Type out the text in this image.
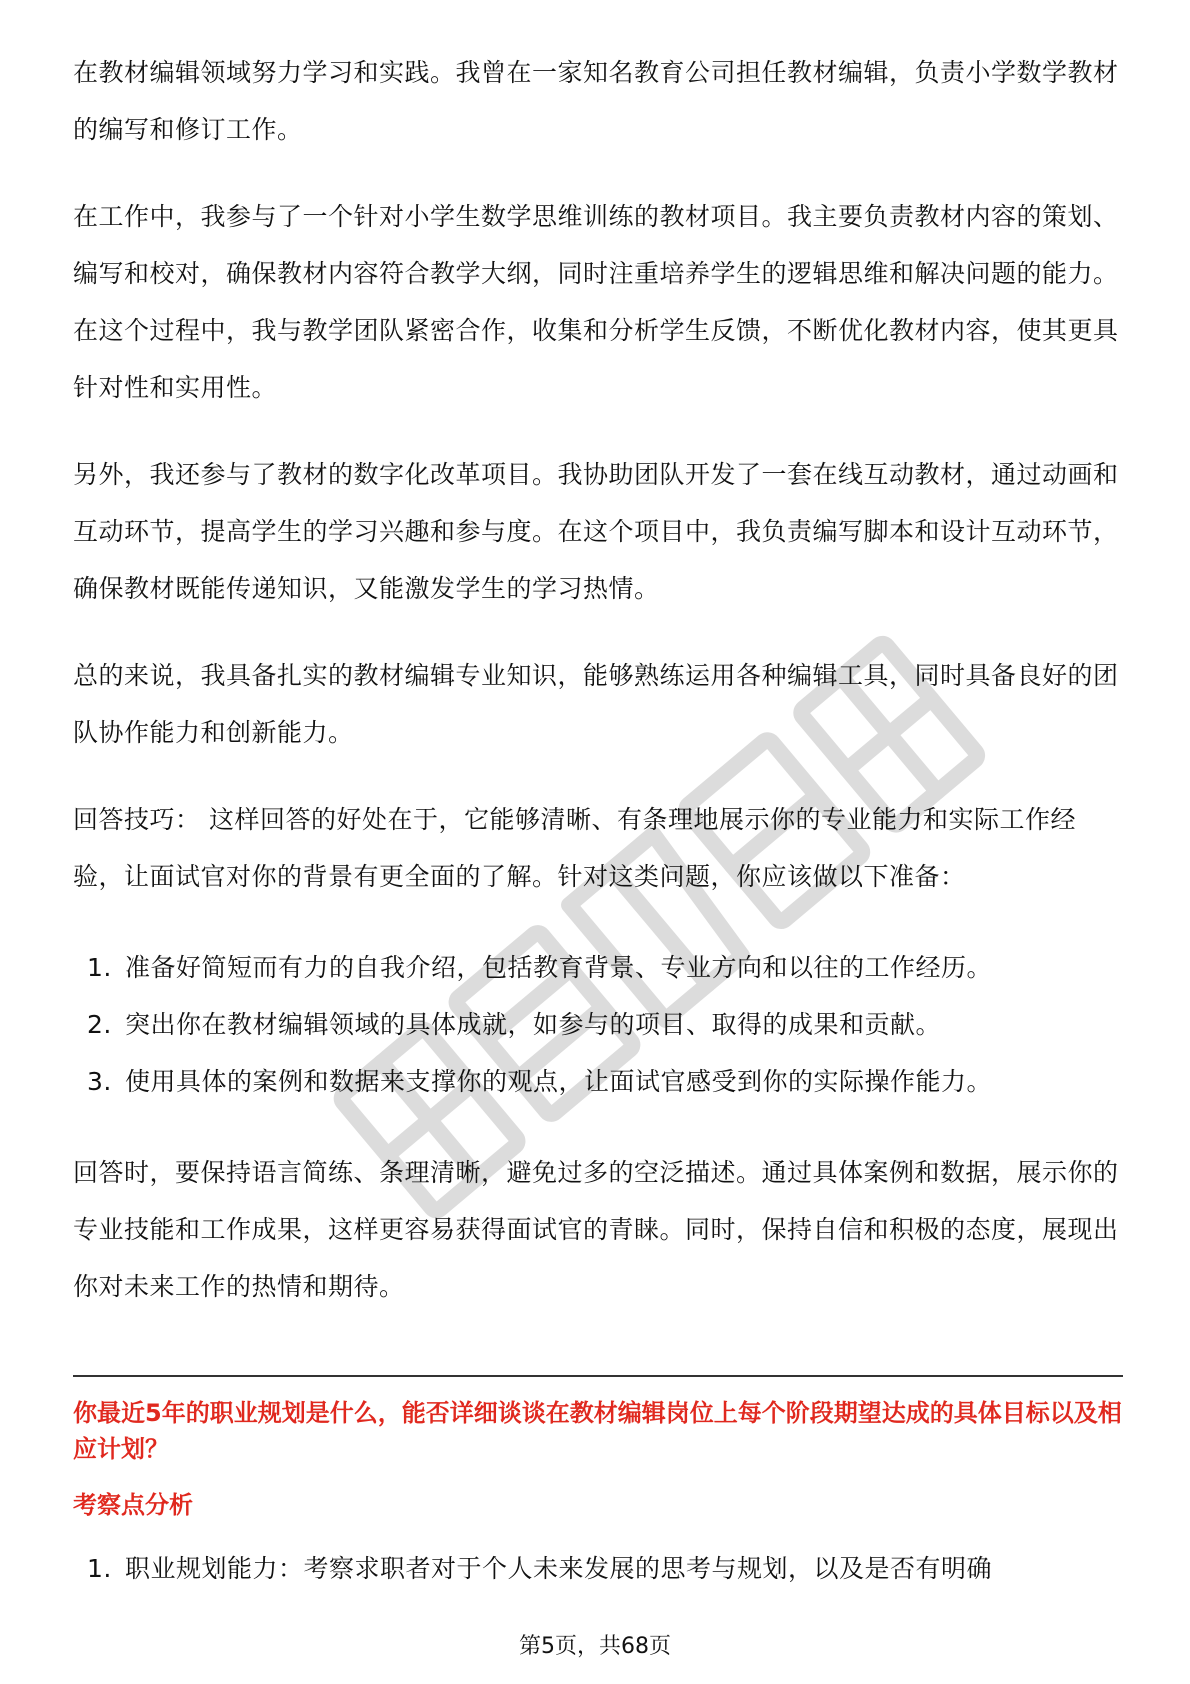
在教材编辑领域努力学习和实践。我曾在一家知名教育公司担任教材编辑，负责小学数学教材的编写和修订工作。

在工作中，我参与了一个针对小学生数学思维训练的教材项目。我主要负责教材内容的策划、编写和校对，确保教材内容符合教学大纲，同时注重培养学生的逻辑思维和解决问题的能力。在这个过程中，我与教学团队紧密合作，收集和分析学生反馈，不断优化教材内容，使其更具针对性和实用性。

另外，我还参与了教材的数字化改革项目。我协助团队开发了一套在线互动教材，通过动画和互动环节，提高学生的学习兴趣和参与度。在这个项目中，我负责编写脚本和设计互动环节，确保教材既能传递知识，又能激发学生的学习热情。

总的来说，我具备扎实的教材编辑专业知识，能够熟练运用各种编辑工具，同时具备良好的团队协作能力和创新能力。

回答技巧： 这样回答的好处在于，它能够清晰、有条理地展示你的专业能力和实际工作经验，让面试官对你的背景有更全面的了解。针对这类问题，你应该做以下准备：

1. 准备好简短而有力的自我介绍，包括教育背景、专业方向和以往的工作经历。
2. 突出你在教材编辑领域的具体成就，如参与的项目、取得的成果和贡献。
3. 使用具体的案例和数据来支撑你的观点，让面试官感受到你的实际操作能力。

回答时，要保持语言简练、条理清晰，避免过多的空泛描述。通过具体案例和数据，展示你的专业技能和工作成果，这样更容易获得面试官的青睐。同时，保持自信和积极的态度，展现出你对未来工作的热情和期待。

你最近5年的职业规划是什么，能否详细谈谈在教材编辑岗位上每个阶段期望达成的具体目标以及相应计划？
考察点分析
1. 职业规划能力：考察求职者对于个人未来发展的思考与规划，以及是否有明确
第5页，共68页
